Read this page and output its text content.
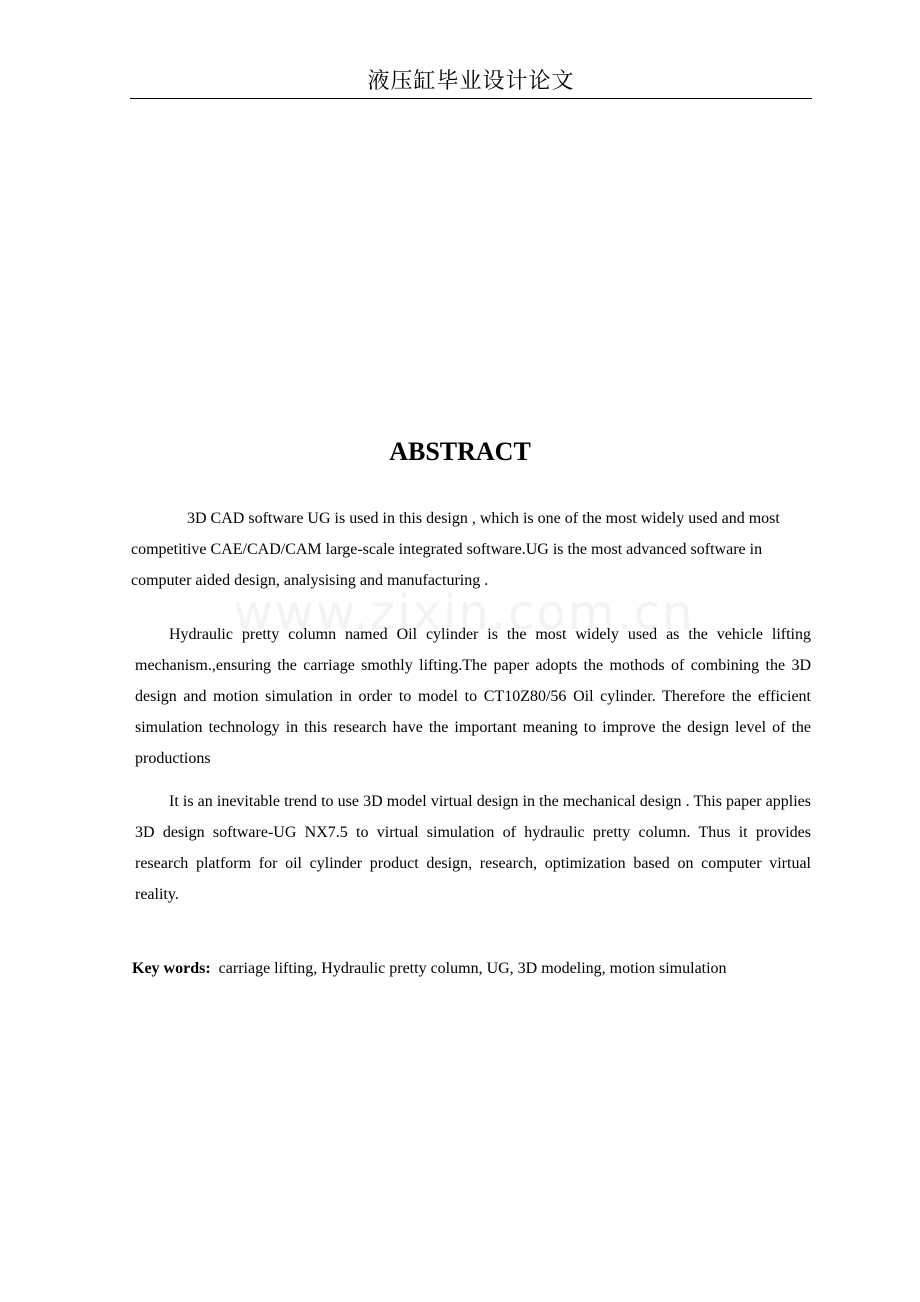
液压缸毕业设计论文
ABSTRACT

3D CAD software UG is used in this design , which is one of the most widely used and most competitive CAE/CAD/CAM large-scale integrated software.UG is the most advanced software in computer aided design, analysising and manufacturing .

Hydraulic pretty column named Oil cylinder is the most widely used as the vehicle lifting mechanism.,ensuring the carriage smothly lifting.The paper adopts the mothods of combining the 3D design and motion simulation in order to model to CT10Z80/56 Oil cylinder. Therefore the efficient simulation technology in this research have the important meaning to improve the design level of the productions

It is an inevitable trend to use 3D model virtual design in the mechanical design . This paper applies 3D design software-UG NX7.5 to virtual simulation of hydraulic pretty column. Thus it provides research platform for oil cylinder product design, research, optimization based on computer virtual reality.

Key words: carriage lifting, Hydraulic pretty column, UG, 3D modeling, motion simulation
